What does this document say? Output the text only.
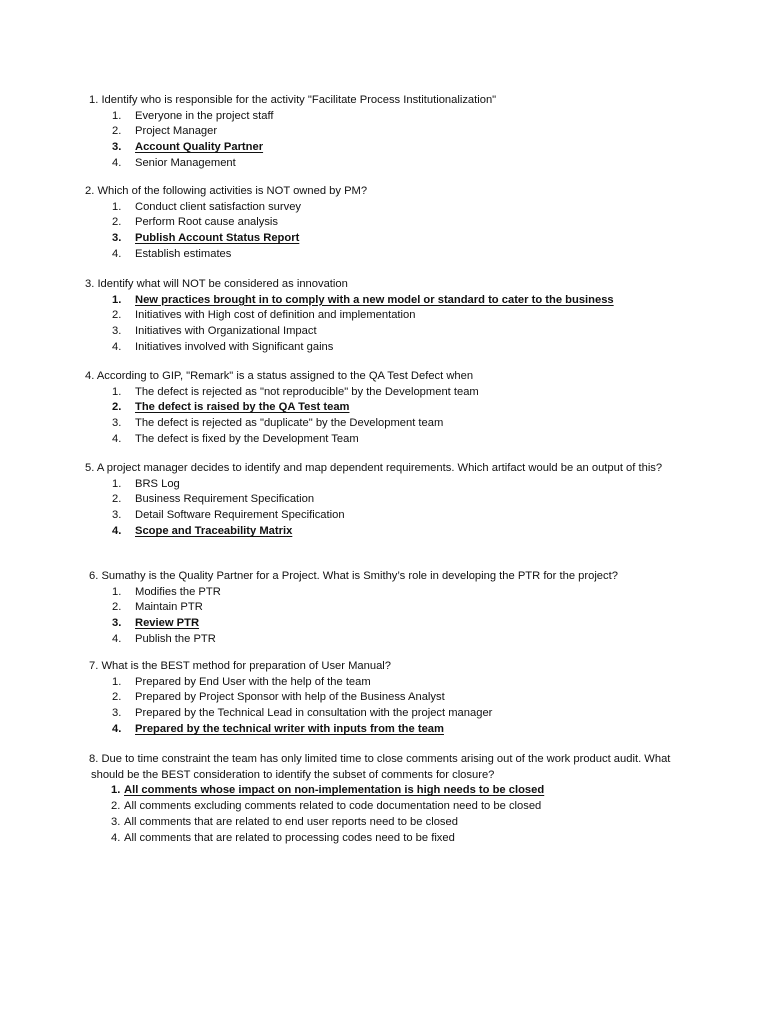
1. Identify who is responsible for the activity "Facilitate Process Institutionalization"

1.	Everyone in the project staff
2.	Project Manager
3.	Account Quality Partner
4.	Senior Management

2. Which of the following activities is NOT owned by PM?

1.	Conduct client satisfaction survey
2.	Perform Root cause analysis
3.	Publish Account Status Report
4.	Establish estimates

3. Identify what will NOT be considered as innovation

1.	New practices brought in to comply with a new model or standard to cater to the business
2.	Initiatives with High cost of definition and implementation
3.	Initiatives with Organizational Impact
4.	Initiatives involved with Significant gains

4. According to GIP, "Remark" is a status assigned to the QA Test Defect when

1.	The defect is rejected as "not reproducible" by the Development team
2.	The defect is raised by the QA Test team
3.	The defect is rejected as "duplicate" by the Development team
4.	The defect is fixed by the Development Team

5. A project manager decides to identify and map dependent requirements. Which artifact would be an output of this?

1.	BRS Log
2.	Business Requirement Specification
3.	Detail Software Requirement Specification
4.	Scope and Traceability Matrix

6. Sumathy is the Quality Partner for a Project. What is Smithy’s role in developing the PTR for the project?

1.	Modifies the PTR
2.	Maintain PTR
3.	Review PTR
4.	Publish the PTR

7. What is the BEST method for preparation of User Manual?

1.	Prepared by End User with the help of the team
2.	Prepared by Project Sponsor with help of the Business Analyst
3.	Prepared by the Technical Lead in consultation with the project manager
4.	Prepared by the technical writer with inputs from the team

8. Due to time constraint the team has only limited time to close comments arising out of the work product audit. What should be the BEST consideration to identify the subset of comments for closure?

1. All comments whose impact on non-implementation is high needs to be closed
2. All comments excluding comments related to code documentation need to be closed
3. All comments that are related to end user reports need to be closed
4. All comments that are related to processing codes need to be fixed
